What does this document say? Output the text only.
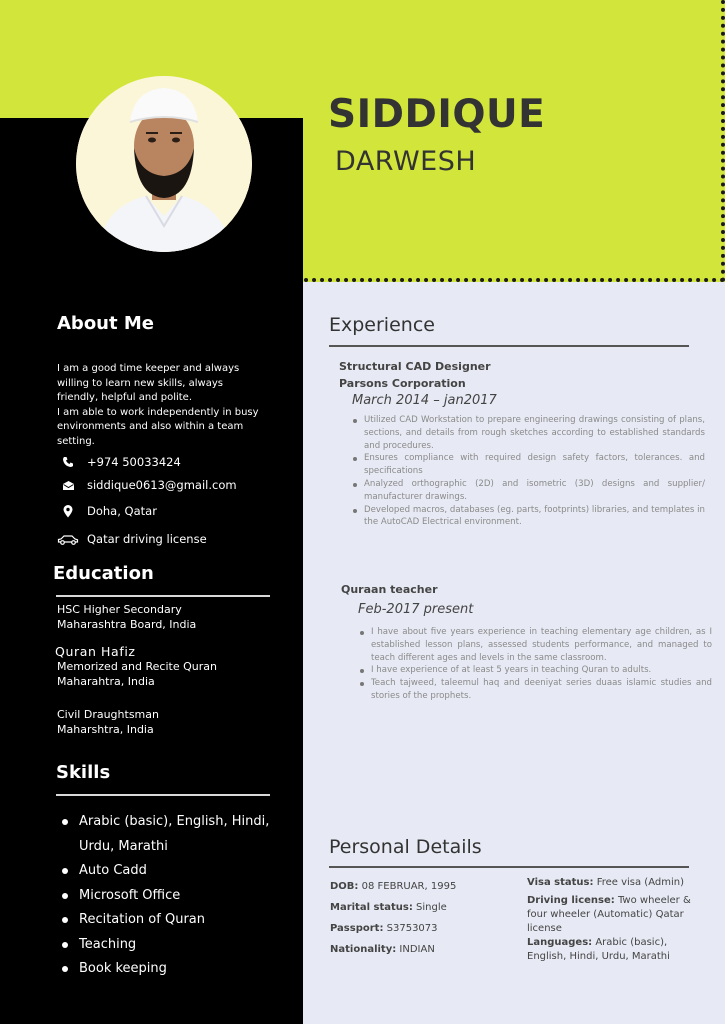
SIDDIQUE
DARWESH
About Me
I am a good time keeper and always willing to learn new skills, always friendly, helpful and polite.
I am able to work independently in busy environments and also within a team setting.
+974 50033424
siddique0613@gmail.com
Doha, Qatar
Qatar driving license
Education
HSC Higher Secondary
Maharashtra Board, India
Quran Hafiz
Memorized and Recite Quran
Maharahtra, India
Civil Draughtsman
Maharshtra, India
Skills
Arabic (basic), English, Hindi, Urdu, Marathi
Auto Cadd
Microsoft Office
Recitation of Quran
Teaching
Book keeping
Experience
Structural CAD Designer
Parsons Corporation
March 2014 – jan2017
Utilized CAD Workstation to prepare engineering drawings consisting of plans, sections, and details from rough sketches according to established standards and procedures.
Ensures compliance with required design safety factors, tolerances. and specifications
Analyzed orthographic (2D) and isometric (3D) designs and supplier/ manufacturer drawings.
Developed macros, databases (eg. parts, footprints) libraries, and templates in the AutoCAD Electrical environment.
Quraan teacher
Feb-2017 present
I have about five years experience in teaching elementary age children, as I established lesson plans, assessed students performance, and managed to teach different ages and levels in the same classroom.
I have experience of at least 5 years in teaching Quran to adults.
Teach tajweed, taleemul haq and deeniyat series duaas islamic studies and stories of the prophets.
Personal Details
DOB: 08 FEBRUAR, 1995
Marital status: Single
Passport: S3753073
Nationality: INDIAN
Visa status: Free visa (Admin)
Driving license: Two wheeler & four wheeler (Automatic) Qatar license
Languages: Arabic (basic), English, Hindi, Urdu, Marathi
